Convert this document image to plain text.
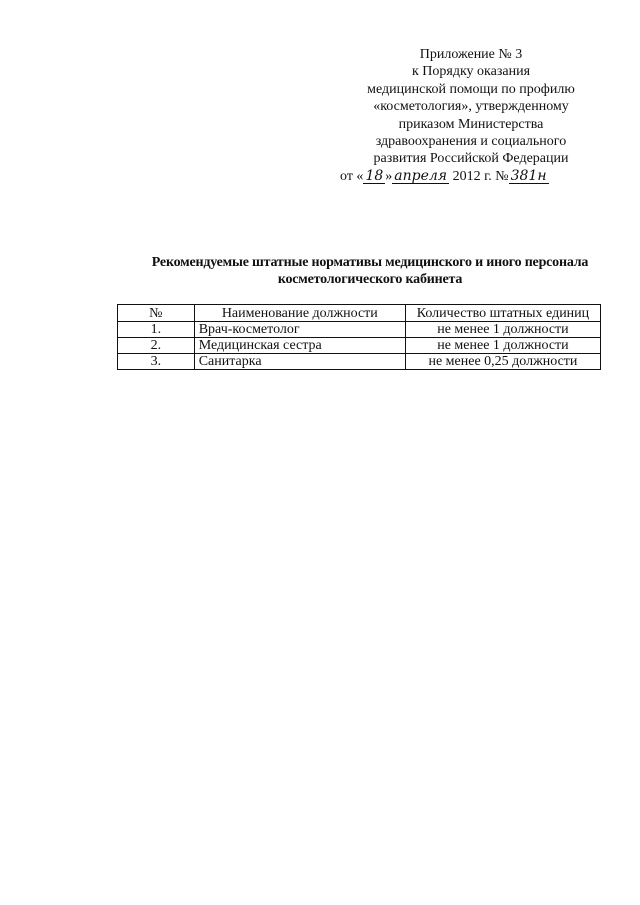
Приложение № 3
к Порядку оказания
медицинской помощи по профилю
«косметология», утвержденному
приказом Министерства
здравоохранения и социального
развития Российской Федерации
от « 18 » апреля 2012 г. № 381н
Рекомендуемые штатные нормативы медицинского и иного персонала
косметологического кабинета
№	Наименование должности	Количество штатных единиц
1.	Врач-косметолог	не менее 1 должности
2.	Медицинская сестра	не менее 1 должности
3.	Санитарка	не менее 0,25 должности
